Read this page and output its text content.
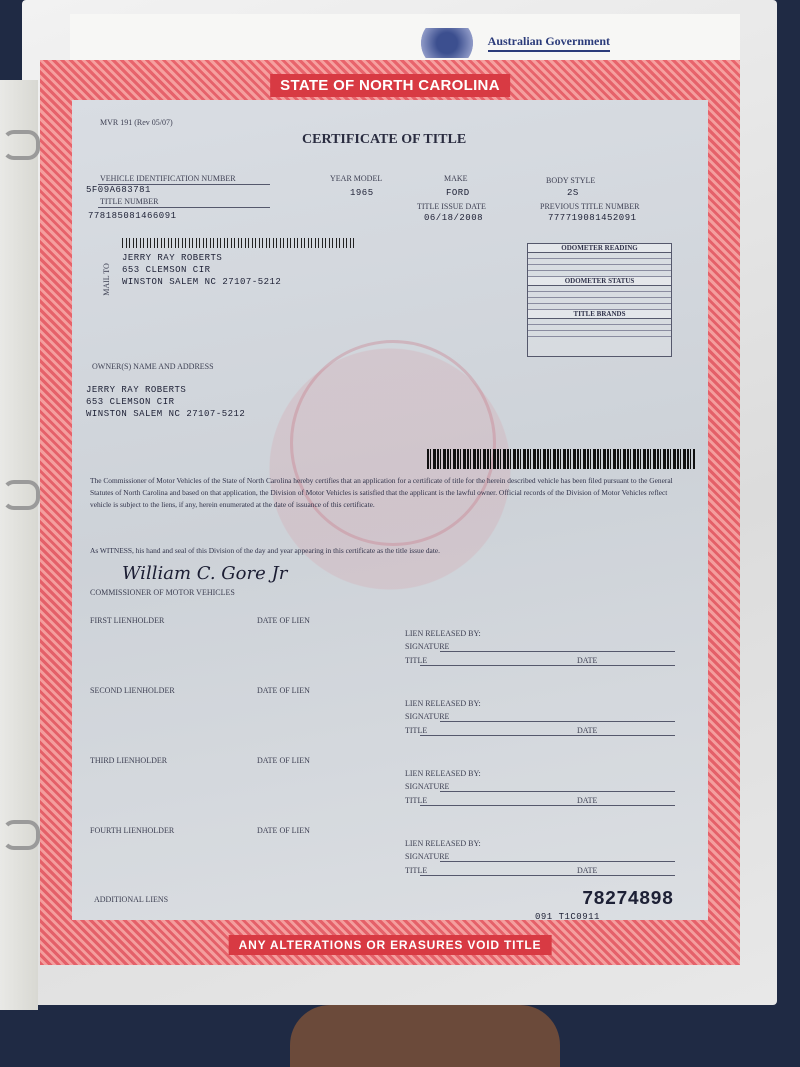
Australian Government
STATE OF NORTH CAROLINA
MVR 191 (Rev 05/07)
CERTIFICATE OF TITLE
VEHICLE IDENTIFICATION NUMBER
5F09A683781
TITLE NUMBER
778185081466091
YEAR MODEL
1965
MAKE
FORD
BODY STYLE
2S
TITLE ISSUE DATE
06/18/2008
PREVIOUS TITLE NUMBER
777719081452091
MAIL TO
JERRY RAY ROBERTS
653 CLEMSON CIR
WINSTON SALEM NC 27107-5212
ODOMETER READING
ODOMETER STATUS
TITLE BRANDS
OWNER(S) NAME AND ADDRESS
JERRY RAY ROBERTS
653 CLEMSON CIR
WINSTON SALEM NC 27107-5212
The Commissioner of Motor Vehicles of the State of North Carolina hereby certifies that an application for a certificate of title for the herein described vehicle has been filed pursuant to the General Statutes of North Carolina and based on that application, the Division of Motor Vehicles is satisfied that the applicant is the lawful owner. Official records of the Division of Motor Vehicles reflect vehicle is subject to the liens, if any, herein enumerated at the date of issuance of this certificate.
As WITNESS, his hand and seal of this Division of the day and year appearing in this certificate as the title issue date.
William C. Gore Jr
COMMISSIONER OF MOTOR VEHICLES
FIRST LIENHOLDER	DATE OF LIEN
LIEN RELEASED BY:
SIGNATURE
TITLE	DATE
SECOND LIENHOLDER	DATE OF LIEN
LIEN RELEASED BY:
SIGNATURE
TITLE	DATE
THIRD LIENHOLDER	DATE OF LIEN
LIEN RELEASED BY:
SIGNATURE
TITLE	DATE
FOURTH LIENHOLDER	DATE OF LIEN
LIEN RELEASED BY:
SIGNATURE
TITLE	DATE
ADDITIONAL LIENS	78274898
091 T1C0911
ANY ALTERATIONS OR ERASURES VOID TITLE
